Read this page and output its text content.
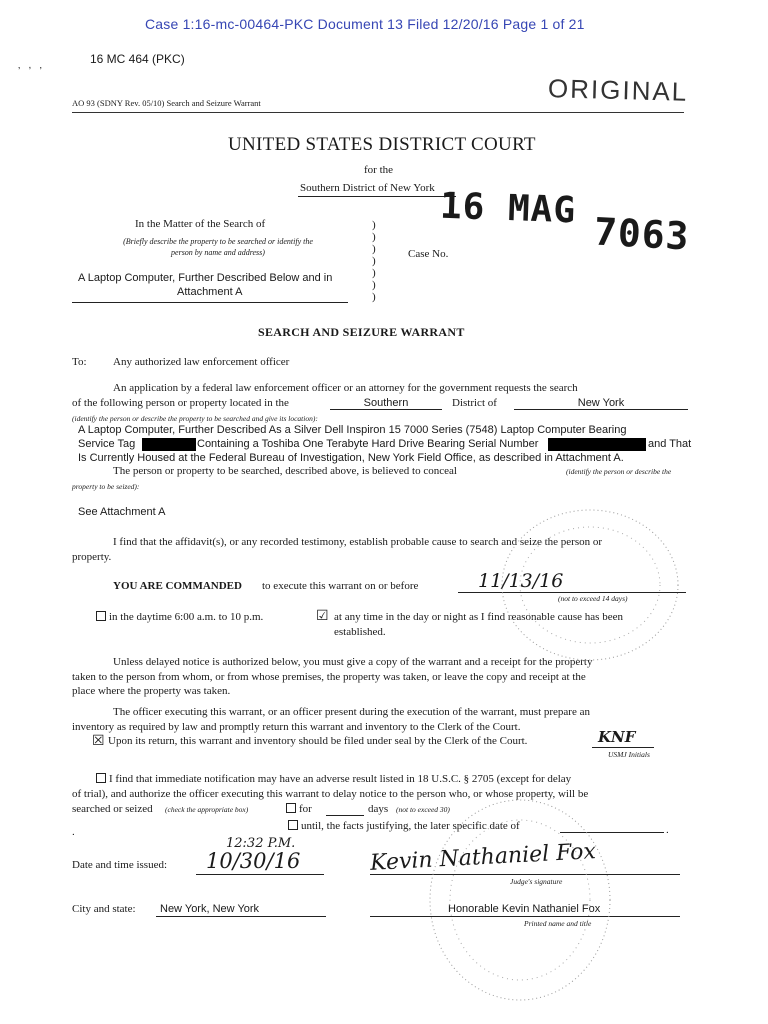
Case 1:16-mc-00464-PKC Document 13 Filed 12/20/16 Page 1 of 21
16 MC 464 (PKC)
‚   ,   ‚
AO 93 (SDNY Rev. 05/10) Search and Seizure Warrant	ORIGINAL
UNITED STATES DISTRICT COURT
for the
Southern District of New York 16 MAG
7063
In the Matter of the Search of
(Briefly describe the property to be searched or identify the person by name and address)
A Laptop Computer, Further Described Below and in
Attachment A
)
)
)
)
)
)
)
Case No.
SEARCH AND SEIZURE WARRANT
To: Any authorized law enforcement officer
An application by a federal law enforcement officer or an attorney for the government requests the search
of the following person or property located in the	Southern	District of	New York
(identify the person or describe the property to be searched and give its location):
A Laptop Computer, Further Described As a Silver Dell Inspiron 15 7000 Series (7548) Laptop Computer Bearing
Service Tag	Containing a Toshiba One Terabyte Hard Drive Bearing Serial Number	and That
Is Currently Housed at the Federal Bureau of Investigation, New York Field Office, as described in Attachment A.
The person or property to be searched, described above, is believed to conceal	(identify the person or describe the
property to be seized):
See Attachment A
I find that the affidavit(s), or any recorded testimony, establish probable cause to search and seize the person or
property.
YOU ARE COMMANDED to execute this warrant on or before	11/13/16
(not to exceed 14 days)
in the daytime 6:00 a.m. to 10 p.m.	☑ at any time in the day or night as I find reasonable cause has been
established.
Unless delayed notice is authorized below, you must give a copy of the warrant and a receipt for the property
taken to the person from whom, or from whose premises, the property was taken, or leave the copy and receipt at the
place where the property was taken.
The officer executing this warrant, or an officer present during the execution of the warrant, must prepare an
inventory as required by law and promptly return this warrant and inventory to the Clerk of the Court.
☒ Upon its return, this warrant and inventory should be filed under seal by the Clerk of the Court.	KNF
USMJ Initials
I find that immediate notification may have an adverse result listed in 18 U.S.C. § 2705 (except for delay
of trial), and authorize the officer executing this warrant to delay notice to the person who, or whose property, will be
searched or seized (check the appropriate box)	for	days (not to exceed 30)
until, the facts justifying, the later specific date of	.
.
12:32 P.M.
Date and time issued: 10/30/16	Kevin Nathaniel Fox
Judge's signature
City and state: New York, New York	Honorable Kevin Nathaniel Fox
Printed name and title
